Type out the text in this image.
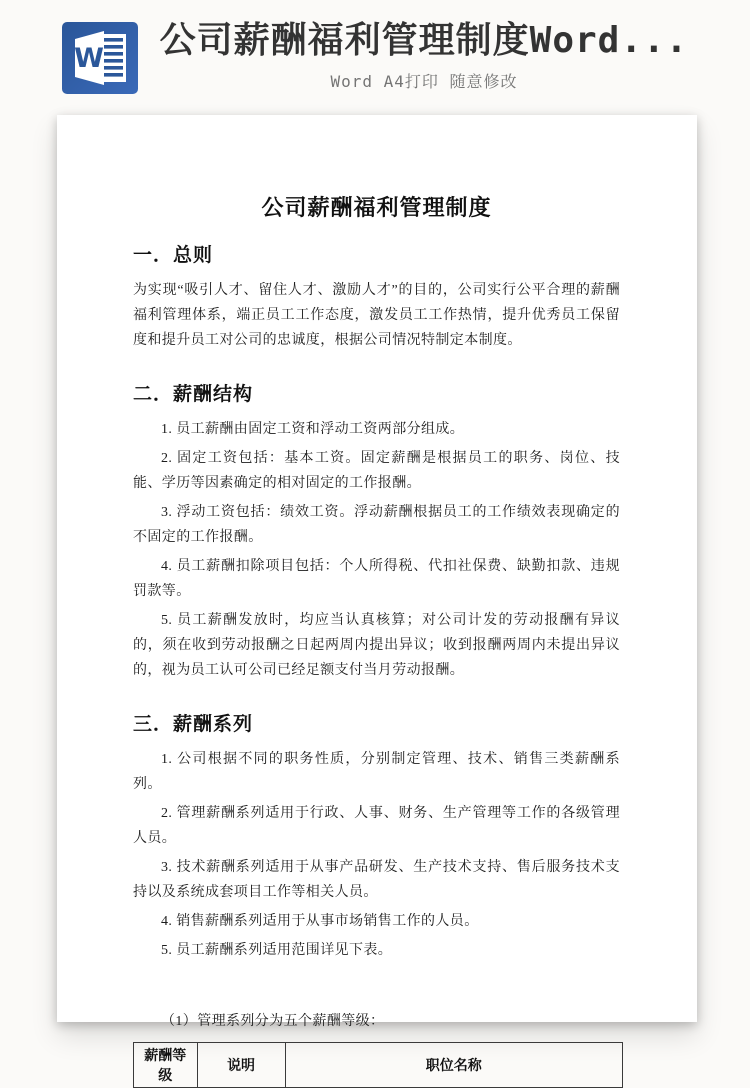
W 公司薪酬福利管理制度Word...
Word A4打印 随意修改
公司薪酬福利管理制度
一．总则

为实现“吸引人才、留住人才、激励人才”的目的，公司实行公平合理的薪酬福利管理体系，端正员工工作态度，激发员工工作热情，提升优秀员工保留度和提升员工对公司的忠诚度，根据公司情况特制定本制度。

二．薪酬结构

1. 员工薪酬由固定工资和浮动工资两部分组成。

2. 固定工资包括：基本工资。固定薪酬是根据员工的职务、岗位、技能、学历等因素确定的相对固定的工作报酬。

3. 浮动工资包括：绩效工资。浮动薪酬根据员工的工作绩效表现确定的不固定的工作报酬。

4. 员工薪酬扣除项目包括：个人所得税、代扣社保费、缺勤扣款、违规罚款等。

5. 员工薪酬发放时，均应当认真核算；对公司计发的劳动报酬有异议的，须在收到劳动报酬之日起两周内提出异议；收到报酬两周内未提出异议的，视为员工认可公司已经足额支付当月劳动报酬。

三．薪酬系列

1. 公司根据不同的职务性质，分别制定管理、技术、销售三类薪酬系列。

2. 管理薪酬系列适用于行政、人事、财务、生产管理等工作的各级管理人员。

3. 技术薪酬系列适用于从事产品研发、生产技术支持、售后服务技术支持以及系统成套项目工作等相关人员。

4. 销售薪酬系列适用于从事市场销售工作的人员。

5. 员工薪酬系列适用范围详见下表。

（1）管理系列分为五个薪酬等级：

薪酬等级	说明	职位名称
